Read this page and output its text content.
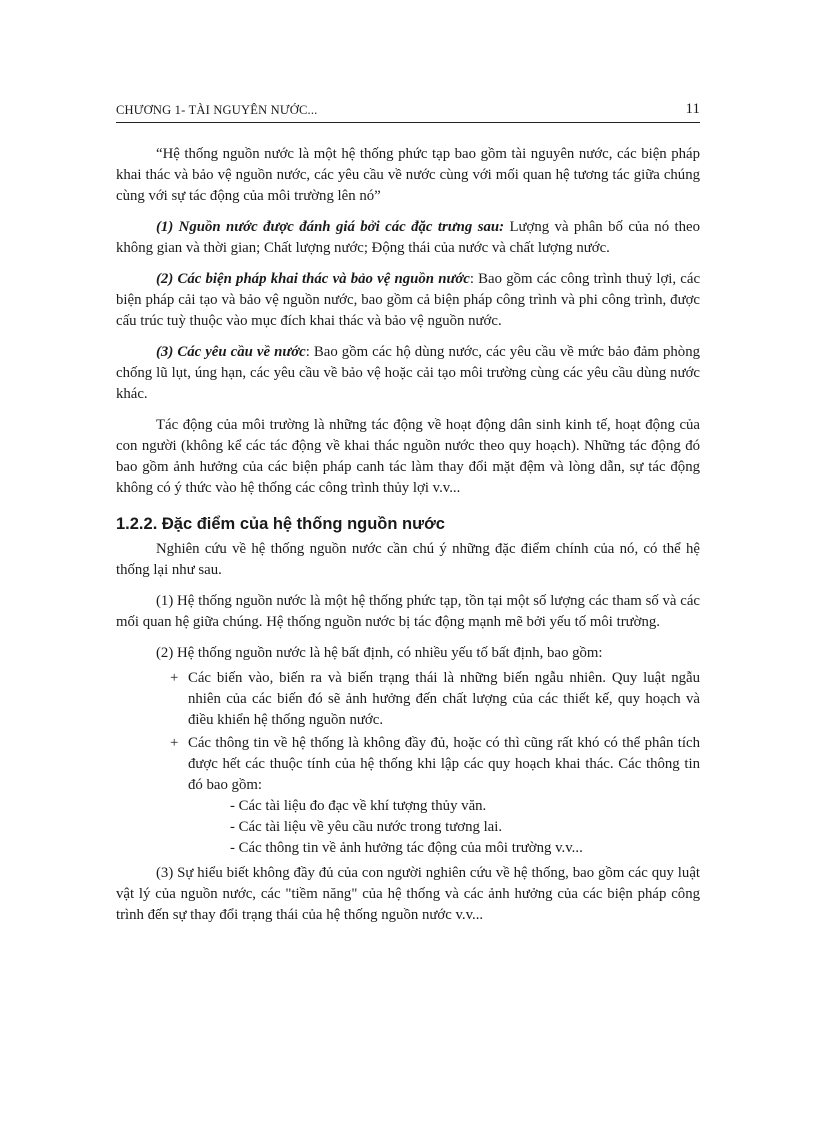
CHƯƠNG 1- TÀI NGUYÊN NƯỚC...	11

“Hệ thống nguồn nước là một hệ thống phức tạp bao gồm tài nguyên nước, các biện pháp khai thác và bảo vệ nguồn nước, các yêu cầu về nước cùng với mối quan hệ tương tác giữa chúng cùng với sự tác động của môi trường lên nó”

(1) Nguồn nước được đánh giá bởi các đặc trưng sau: Lượng và phân bố của nó theo không gian và thời gian; Chất lượng nước; Động thái của nước và chất lượng nước.

(2) Các biện pháp khai thác và bảo vệ nguồn nước: Bao gồm các công trình thuỷ lợi, các biện pháp cải tạo và bảo vệ nguồn nước, bao gồm cả biện pháp công trình và phi công trình, được cấu trúc tuỳ thuộc vào mục đích khai thác và bảo vệ nguồn nước.

(3) Các yêu cầu về nước: Bao gồm các hộ dùng nước, các yêu cầu về mức bảo đảm phòng chống lũ lụt, úng hạn, các yêu cầu về bảo vệ hoặc cải tạo môi trường cùng các yêu cầu dùng nước khác.

Tác động của môi trường là những tác động về hoạt động dân sinh kinh tế, hoạt động của con người (không kể các tác động về khai thác nguồn nước theo quy hoạch). Những tác động đó bao gồm ảnh hưởng của các biện pháp canh tác làm thay đổi mặt đệm và lòng dẫn, sự tác động không có ý thức vào hệ thống các công trình thủy lợi v.v...

1.2.2. Đặc điểm của hệ thống nguồn nước

Nghiên cứu về hệ thống nguồn nước cần chú ý những đặc điểm chính của nó, có thể hệ thống lại như sau.

(1) Hệ thống nguồn nước là một hệ thống phức tạp, tồn tại một số lượng các tham số và các mối quan hệ giữa chúng. Hệ thống nguồn nước bị tác động mạnh mẽ bởi yếu tố môi trường.

(2) Hệ thống nguồn nước là hệ bất định, có nhiều yếu tố bất định, bao gồm:

+ Các biến vào, biến ra và biến trạng thái là những biến ngẫu nhiên. Quy luật ngẫu nhiên của các biến đó sẽ ảnh hưởng đến chất lượng của các thiết kế, quy hoạch và điều khiển hệ thống nguồn nước.
+ Các thông tin về hệ thống là không đầy đủ, hoặc có thì cũng rất khó có thể phân tích được hết các thuộc tính của hệ thống khi lập các quy hoạch khai thác. Các thông tin đó bao gồm:
- Các tài liệu đo đạc về khí tượng thủy văn.
- Các tài liệu về yêu cầu nước trong tương lai.
- Các thông tin về ảnh hưởng tác động của môi trường v.v...

(3) Sự hiểu biết không đầy đủ của con người nghiên cứu về hệ thống, bao gồm các quy luật vật lý của nguồn nước, các "tiềm năng" của hệ thống và các ảnh hưởng của các biện pháp công trình đến sự thay đổi trạng thái của hệ thống nguồn nước v.v...
